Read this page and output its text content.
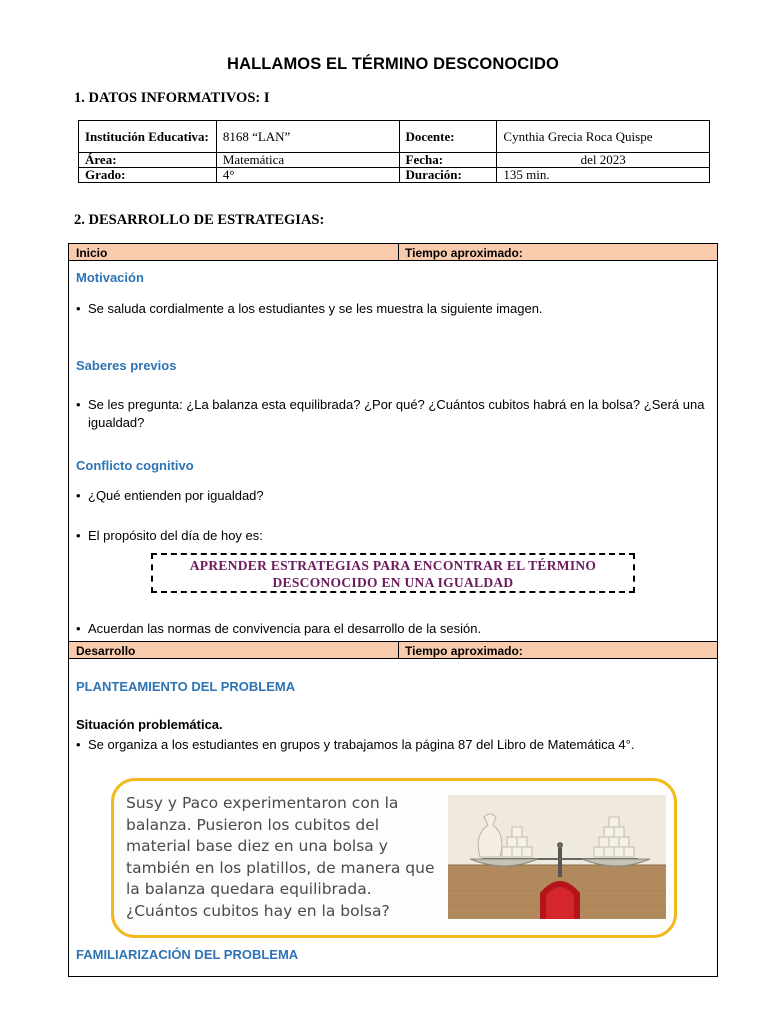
HALLAMOS EL TÉRMINO DESCONOCIDO
1. DATOS INFORMATIVOS: I
Institución Educativa:	8168 “LAN”	Docente:	Cynthia Grecia Roca Quispe
Área:	Matemática	Fecha:	del 2023
Grado:	4°	Duración:	135 min.
2. DESARROLLO DE ESTRATEGIAS:
Inicio	Tiempo aproximado:
Motivación
• Se saluda cordialmente a los estudiantes y se les muestra la siguiente imagen.
Saberes previos
• Se les pregunta: ¿La balanza esta equilibrada? ¿Por qué? ¿Cuántos cubitos habrá en la bolsa? ¿Será una igualdad?
Conflicto cognitivo
• ¿Qué entienden por igualdad?
• El propósito del día de hoy es:
APRENDER ESTRATEGIAS PARA ENCONTRAR EL TÉRMINO DESCONOCIDO EN UNA IGUALDAD
• Acuerdan las normas de convivencia para el desarrollo de la sesión.
Desarrollo	Tiempo aproximado:
PLANTEAMIENTO DEL PROBLEMA
Situación problemática.
• Se organiza a los estudiantes en grupos y trabajamos la página 87 del Libro de Matemática 4°.
Susy y Paco experimentaron con la balanza. Pusieron los cubitos del material base diez en una bolsa y también en los platillos, de manera que la balanza quedara equilibrada. ¿Cuántos cubitos hay en la bolsa?
FAMILIARIZACIÓN DEL PROBLEMA
